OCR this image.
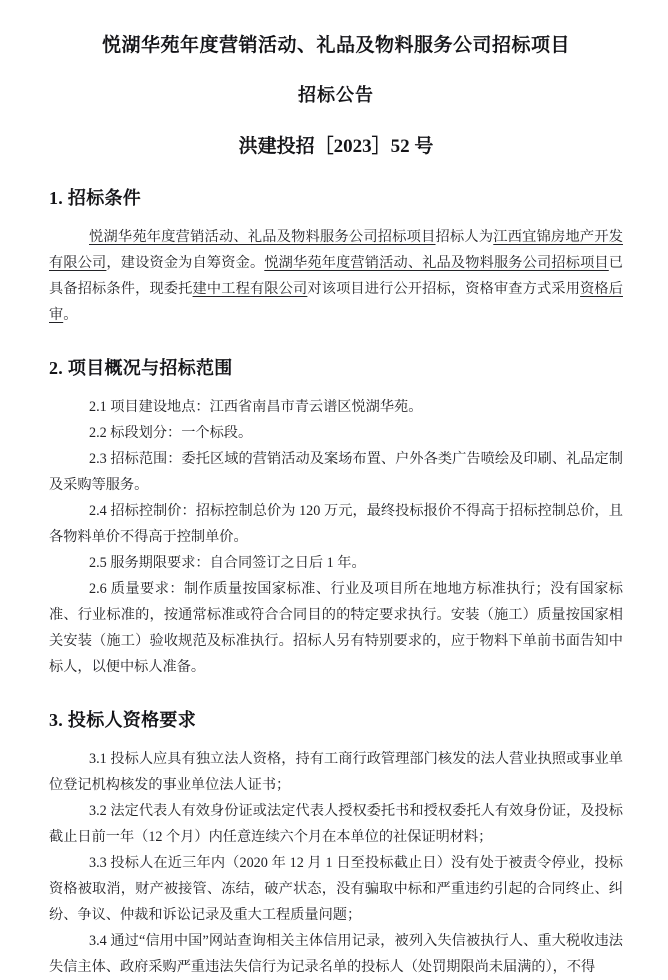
悦湖华苑年度营销活动、礼品及物料服务公司招标项目
招标公告
洪建投招［2023］52 号
1. 招标条件

悦湖华苑年度营销活动、礼品及物料服务公司招标项目招标人为江西宜锦房地产开发有限公司，建设资金为自筹资金。悦湖华苑年度营销活动、礼品及物料服务公司招标项目已具备招标条件，现委托建中工程有限公司对该项目进行公开招标，资格审查方式采用资格后审。

2. 项目概况与招标范围

2.1 项目建设地点：江西省南昌市青云谱区悦湖华苑。

2.2 标段划分：一个标段。

2.3 招标范围：委托区域的营销活动及案场布置、户外各类广告喷绘及印刷、礼品定制及采购等服务。

2.4 招标控制价：招标控制总价为 120 万元，最终投标报价不得高于招标控制总价，且各物料单价不得高于控制单价。

2.5 服务期限要求：自合同签订之日后 1 年。

2.6 质量要求：制作质量按国家标准、行业及项目所在地地方标准执行；没有国家标准、行业标准的，按通常标准或符合合同目的的特定要求执行。安装（施工）质量按国家相关安装（施工）验收规范及标准执行。招标人另有特别要求的，应于物料下单前书面告知中标人，以便中标人准备。

3. 投标人资格要求

3.1 投标人应具有独立法人资格，持有工商行政管理部门核发的法人营业执照或事业单位登记机构核发的事业单位法人证书；

3.2 法定代表人有效身份证或法定代表人授权委托书和授权委托人有效身份证，及投标截止日前一年（12 个月）内任意连续六个月在本单位的社保证明材料；

3.3 投标人在近三年内（2020 年 12 月 1 日至投标截止日）没有处于被责令停业，投标资格被取消，财产被接管、冻结，破产状态，没有骗取中标和严重违约引起的合同终止、纠纷、争议、仲裁和诉讼记录及重大工程质量问题；

3.4 通过“信用中国”网站查询相关主体信用记录，被列入失信被执行人、重大税收违法失信主体、政府采购严重违法失信行为记录名单的投标人（处罚期限尚未届满的），不得
